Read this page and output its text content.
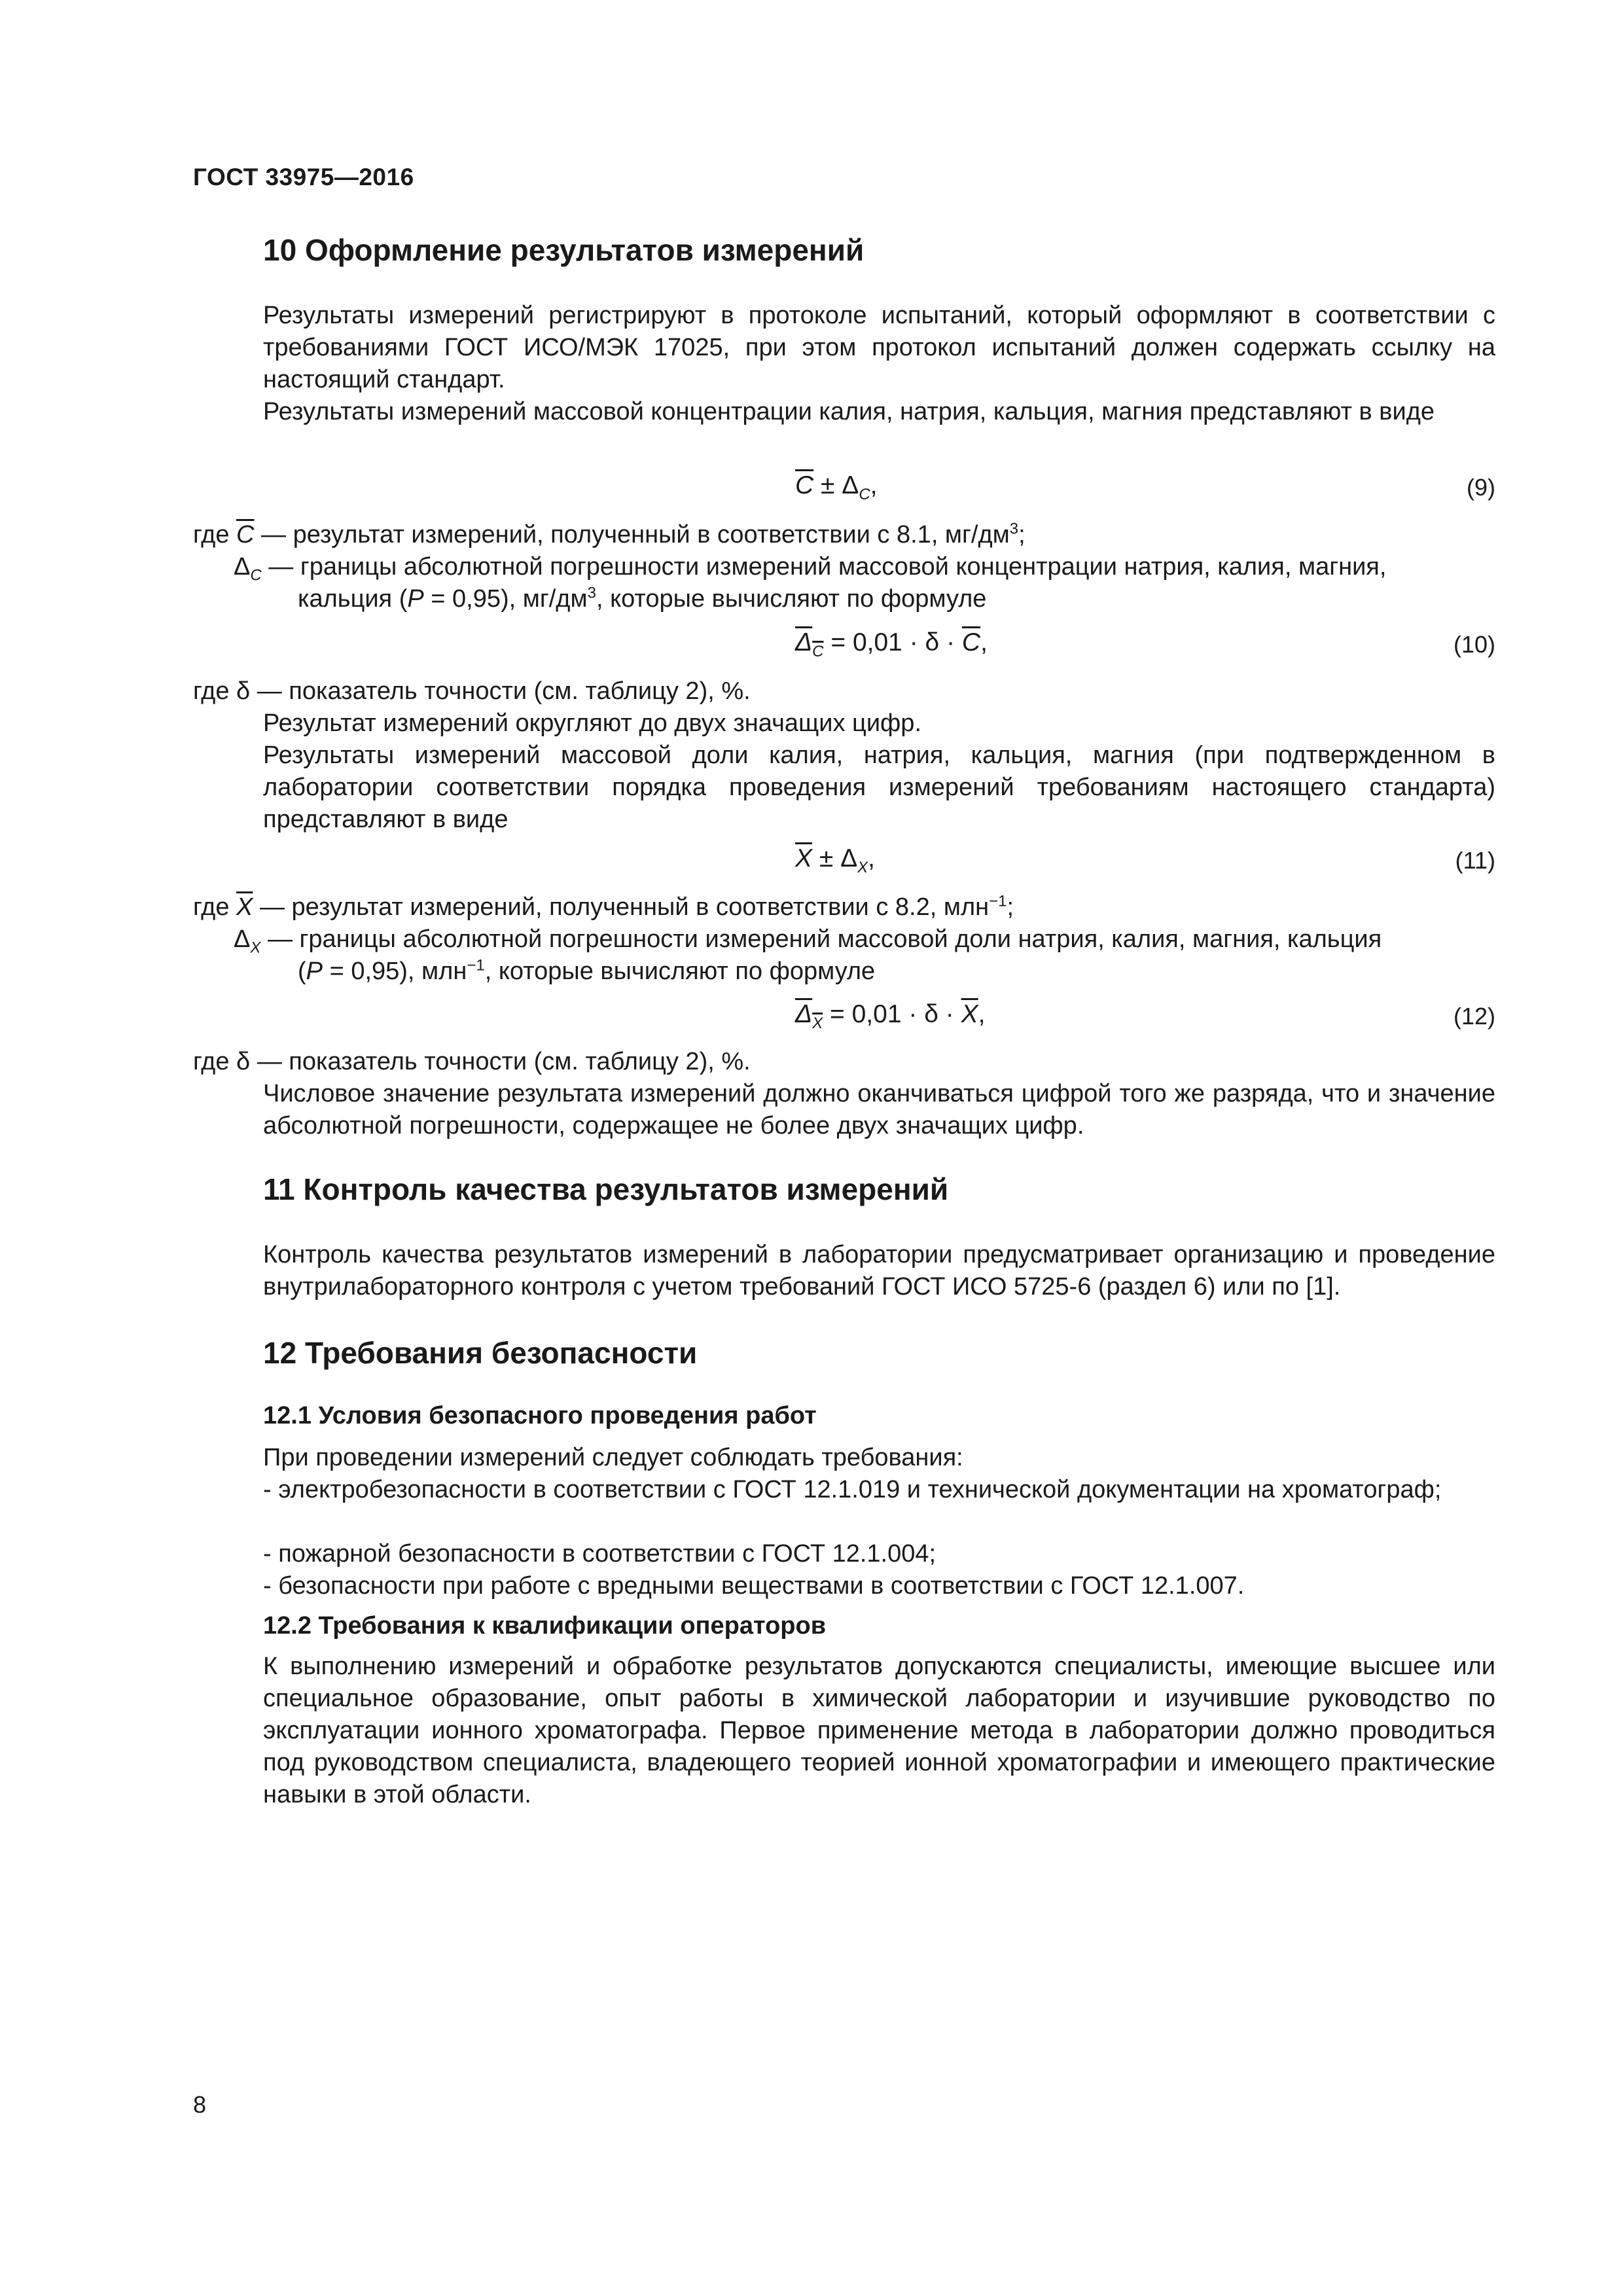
ГОСТ 33975—2016
10 Оформление результатов измерений

Результаты измерений регистрируют в протоколе испытаний, который оформляют в соответствии с требованиями ГОСТ ИСО/МЭК 17025, при этом протокол испытаний должен содержать ссылку на настоящий стандарт.

Результаты измерений массовой концентрации калия, натрия, кальция, магния представляют в виде

$\overline{C} \pm \Delta_C$,	(9)
где $\overline{C}$ — результат измерений, полученный в соответствии с 8.1, $мг/дм^3$;
$\Delta_C$ — границы абсолютной погрешности измерений массовой концентрации натрия, калия, магния,
кальция (P = 0,95), $мг/дм^3$, которые вычисляют по формуле
$\Delta_C = 0,01 \cdot \delta \cdot \overline{C}$,	(10)

где δ — показатель точности (см. таблицу 2), %.

Результат измерений округляют до двух значащих цифр.

Результаты измерений массовой доли калия, натрия, кальция, магния (при подтвержденном в лаборатории соответствии порядка проведения измерений требованиям настоящего стандарта) представляют в виде

$\overline{X} \pm \Delta_X$,	(11)
где $\overline{X}$ — результат измерений, полученный в соответствии с 8.2, млн$^{-1}$;
$\Delta_X$ — границы абсолютной погрешности измерений массовой доли натрия, калия, магния, кальция
(P = 0,95), млн$^{-1}$, которые вычисляют по формуле
$\Delta_X = 0,01 \cdot \delta \cdot \overline{X}$,	(12)

где δ — показатель точности (см. таблицу 2), %.

Числовое значение результата измерений должно оканчиваться цифрой того же разряда, что и значение абсолютной погрешности, содержащее не более двух значащих цифр.

11 Контроль качества результатов измерений

Контроль качества результатов измерений в лаборатории предусматривает организацию и проведение внутрилабораторного контроля с учетом требований ГОСТ ИСО 5725-6 (раздел 6) или по [1].

12 Требования безопасности
12.1 Условия безопасного проведения работ

При проведении измерений следует соблюдать требования:

- электробезопасности в соответствии с ГОСТ 12.1.019 и технической документации на хроматограф;

- пожарной безопасности в соответствии с ГОСТ 12.1.004;

- безопасности при работе с вредными веществами в соответствии с ГОСТ 12.1.007.

12.2 Требования к квалификации операторов

К выполнению измерений и обработке результатов допускаются специалисты, имеющие высшее или специальное образование, опыт работы в химической лаборатории и изучившие руководство по эксплуатации ионного хроматографа. Первое применение метода в лаборатории должно проводиться под руководством специалиста, владеющего теорией ионной хроматографии и имеющего практические навыки в этой области.

8
